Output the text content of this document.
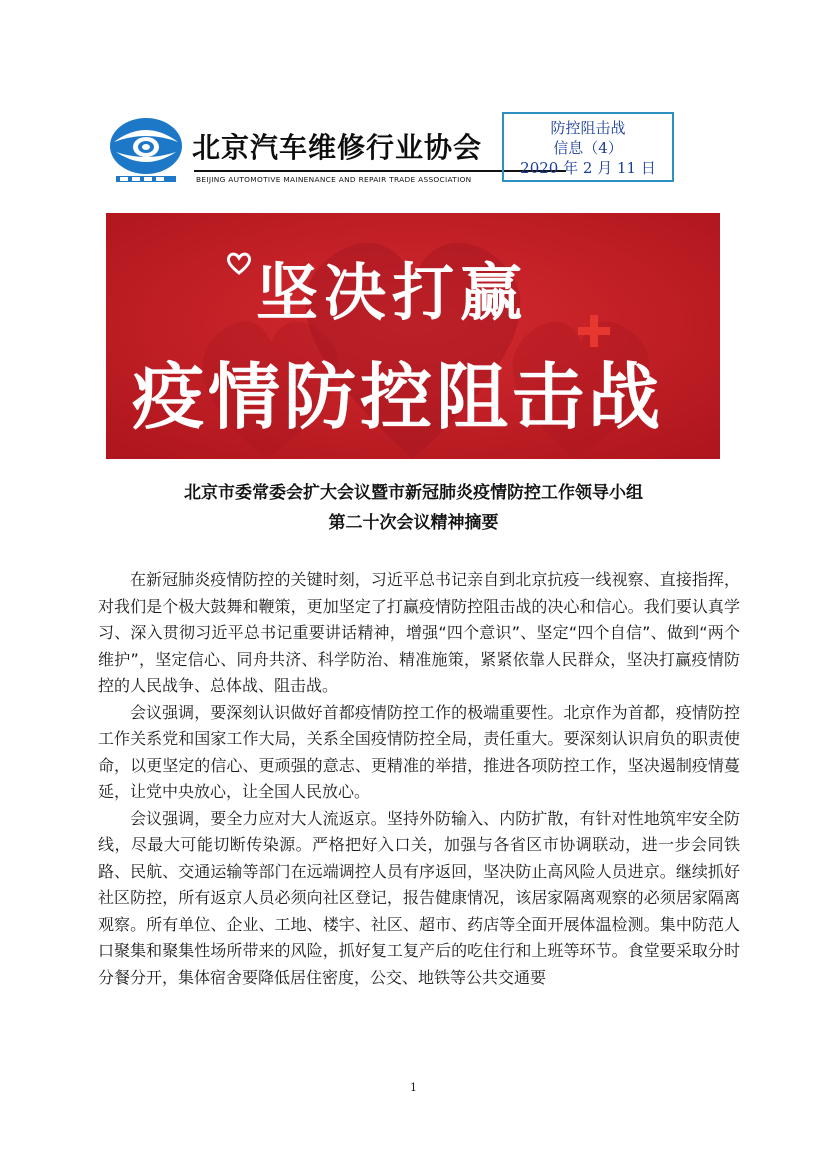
北京汽车维修行业协会
BEIJING AUTOMOTIVE MAINENANCE AND REPAIR TRADE ASSOCIATION
防控阻击战
信息（4）
2020 年 2 月 11 日
坚决打赢
疫情防控阻击战
北京市委常委会扩大会议暨市新冠肺炎疫情防控工作领导小组
第二十次会议精神摘要

在新冠肺炎疫情防控的关键时刻，习近平总书记亲自到北京抗疫一线视察、直接指挥，对我们是个极大鼓舞和鞭策，更加坚定了打赢疫情防控阻击战的决心和信心。我们要认真学习、深入贯彻习近平总书记重要讲话精神，增强“四个意识”、坚定“四个自信”、做到“两个维护”，坚定信心、同舟共济、科学防治、精准施策，紧紧依靠人民群众，坚决打赢疫情防控的人民战争、总体战、阻击战。

会议强调，要深刻认识做好首都疫情防控工作的极端重要性。北京作为首都，疫情防控工作关系党和国家工作大局，关系全国疫情防控全局，责任重大。要深刻认识肩负的职责使命，以更坚定的信心、更顽强的意志、更精准的举措，推进各项防控工作，坚决遏制疫情蔓延，让党中央放心，让全国人民放心。

会议强调，要全力应对大人流返京。坚持外防输入、内防扩散，有针对性地筑牢安全防线，尽最大可能切断传染源。严格把好入口关，加强与各省区市协调联动，进一步会同铁路、民航、交通运输等部门在远端调控人员有序返回，坚决防止高风险人员进京。继续抓好社区防控，所有返京人员必须向社区登记，报告健康情况，该居家隔离观察的必须居家隔离观察。所有单位、企业、工地、楼宇、社区、超市、药店等全面开展体温检测。集中防范人口聚集和聚集性场所带来的风险，抓好复工复产后的吃住行和上班等环节。食堂要采取分时分餐分开，集体宿舍要降低居住密度，公交、地铁等公共交通要

1
